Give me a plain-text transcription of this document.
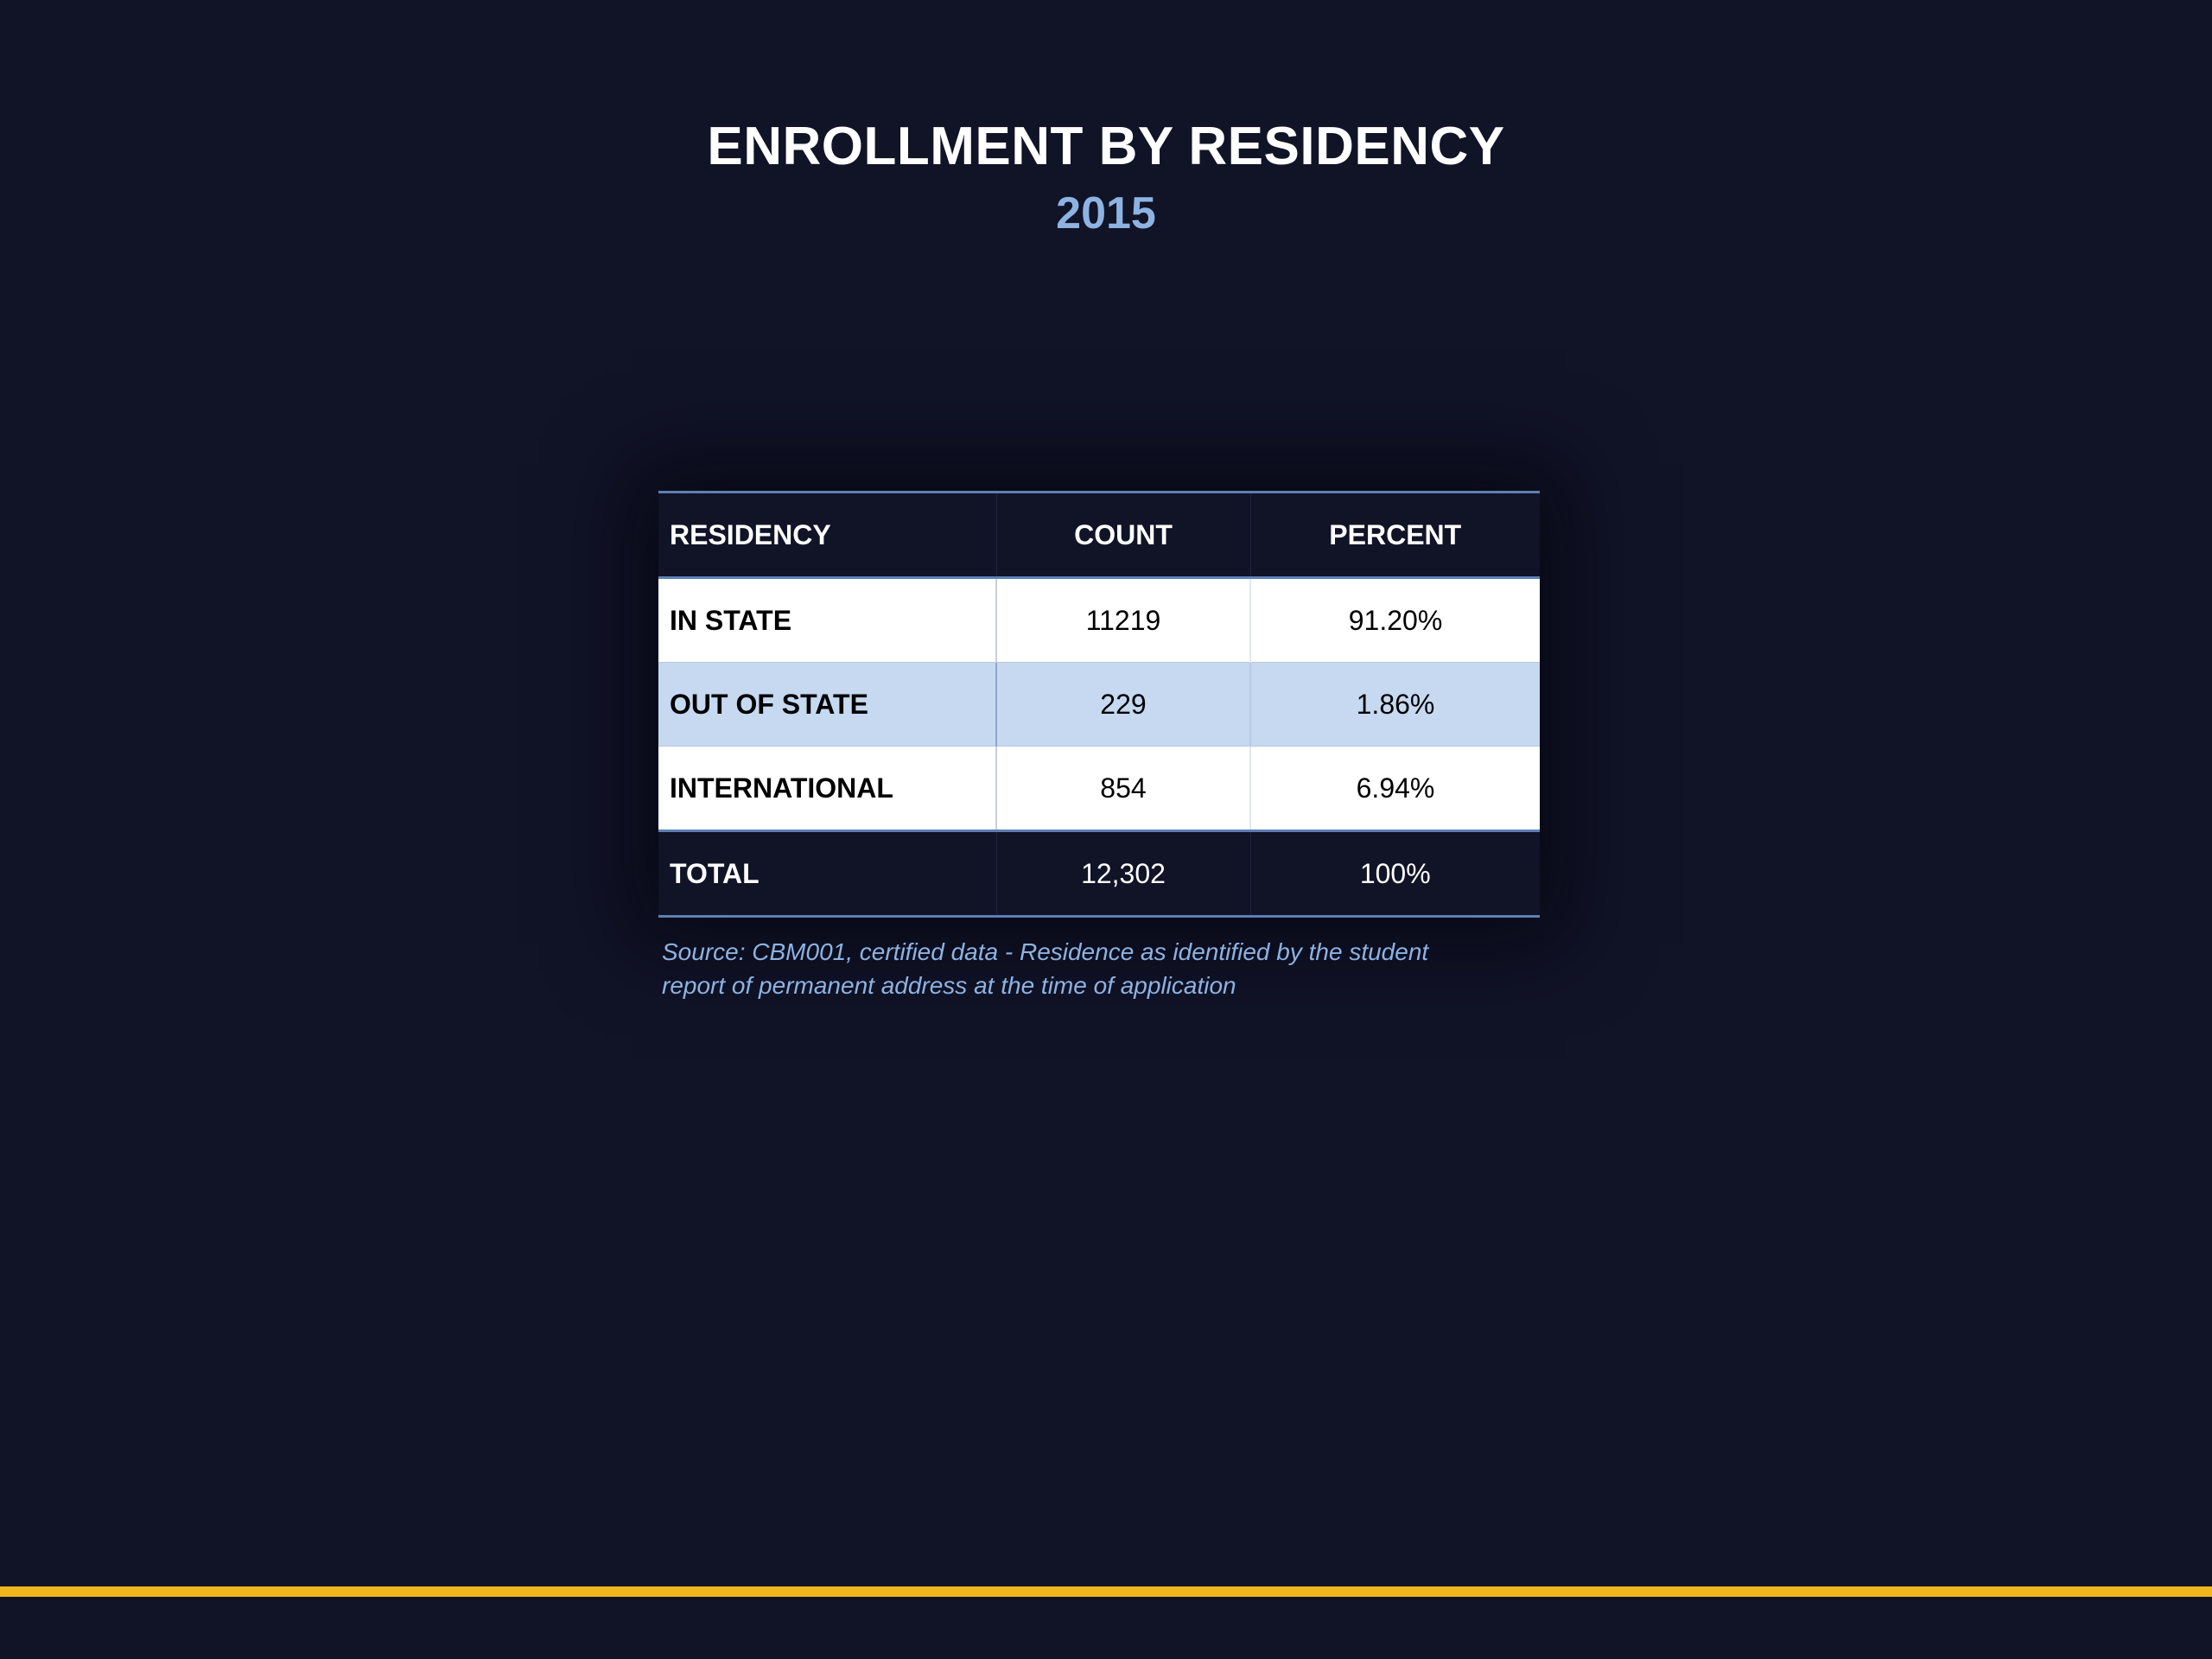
ENROLLMENT BY RESIDENCY
2015
RESIDENCY	COUNT	PERCENT
IN STATE	11219	91.20%
OUT OF STATE	229	1.86%
INTERNATIONAL	854	6.94%
TOTAL	12,302	100%

Source: CBM001, certified data - Residence as identified by the student
report of permanent address at the time of application
